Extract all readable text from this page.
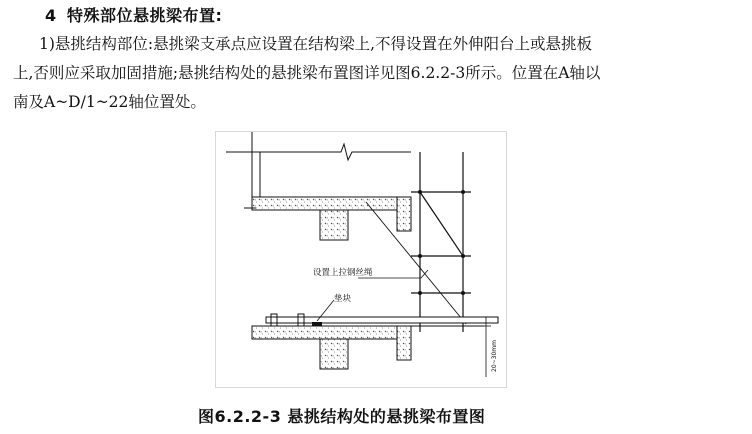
4 特殊部位悬挑梁布置:
1)悬挑结构部位:悬挑梁支承点应设置在结构梁上,不得设置在外伸阳台上或悬挑板
上,否则应采取加固措施;悬挑结构处的悬挑梁布置图详见图6.2.2-3所示。位置在A轴以
南及A~D/1~22轴位置处。
设置上拉钢丝绳
垫块
20~30mm
图6.2.2-3 悬挑结构处的悬挑梁布置图
